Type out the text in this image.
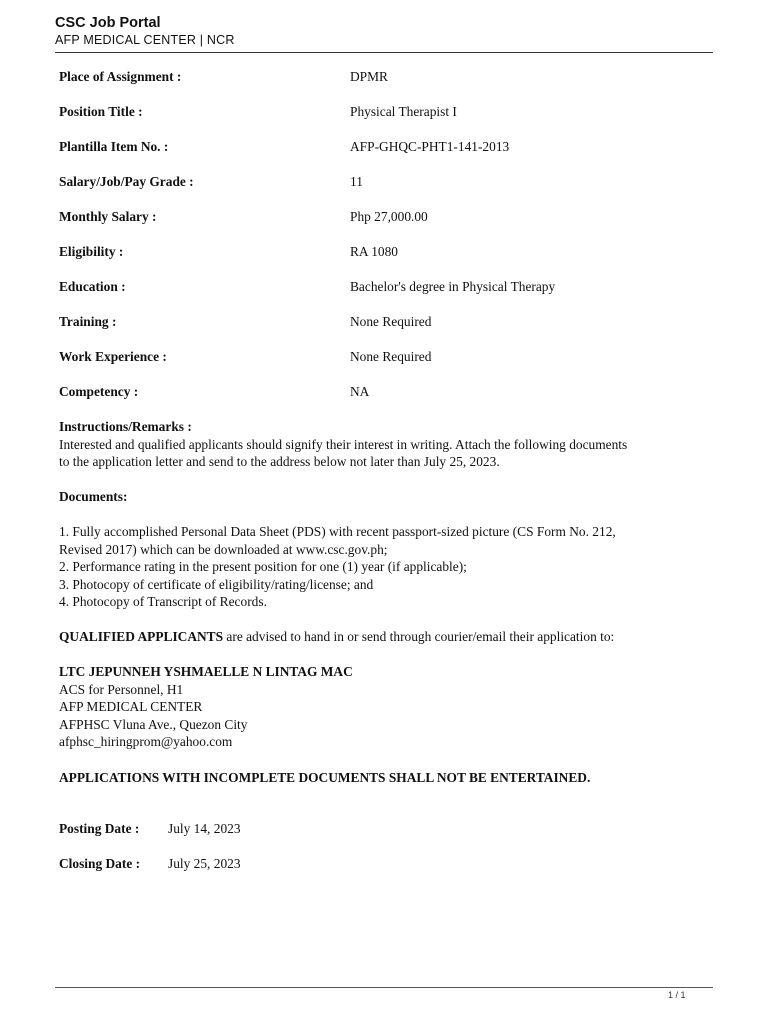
CSC Job Portal
AFP MEDICAL CENTER | NCR
Place of Assignment :	DPMR
Position Title :	Physical Therapist I
Plantilla Item No. :	AFP-GHQC-PHT1-141-2013
Salary/Job/Pay Grade :	11
Monthly Salary :	Php 27,000.00
Eligibility :	RA 1080
Education :	Bachelor's degree in Physical Therapy
Training :	None Required
Work Experience :	None Required
Competency :	NA
Instructions/Remarks :
Interested and qualified applicants should signify their interest in writing. Attach the following documents
to the application letter and send to the address below not later than July 25, 2023.
Documents:
1. Fully accomplished Personal Data Sheet (PDS) with recent passport-sized picture (CS Form No. 212,
Revised 2017) which can be downloaded at www.csc.gov.ph;
2. Performance rating in the present position for one (1) year (if applicable);
3. Photocopy of certificate of eligibility/rating/license; and
4. Photocopy of Transcript of Records.
QUALIFIED APPLICANTS are advised to hand in or send through courier/email their application to:
LTC JEPUNNEH YSHMAELLE N LINTAG MAC
ACS for Personnel, H1
AFP MEDICAL CENTER
AFPHSC Vluna Ave., Quezon City
afphsc_hiringprom@yahoo.com
APPLICATIONS WITH INCOMPLETE DOCUMENTS SHALL NOT BE ENTERTAINED.
Posting Date : July 14, 2023
Closing Date : July 25, 2023
1 / 1
